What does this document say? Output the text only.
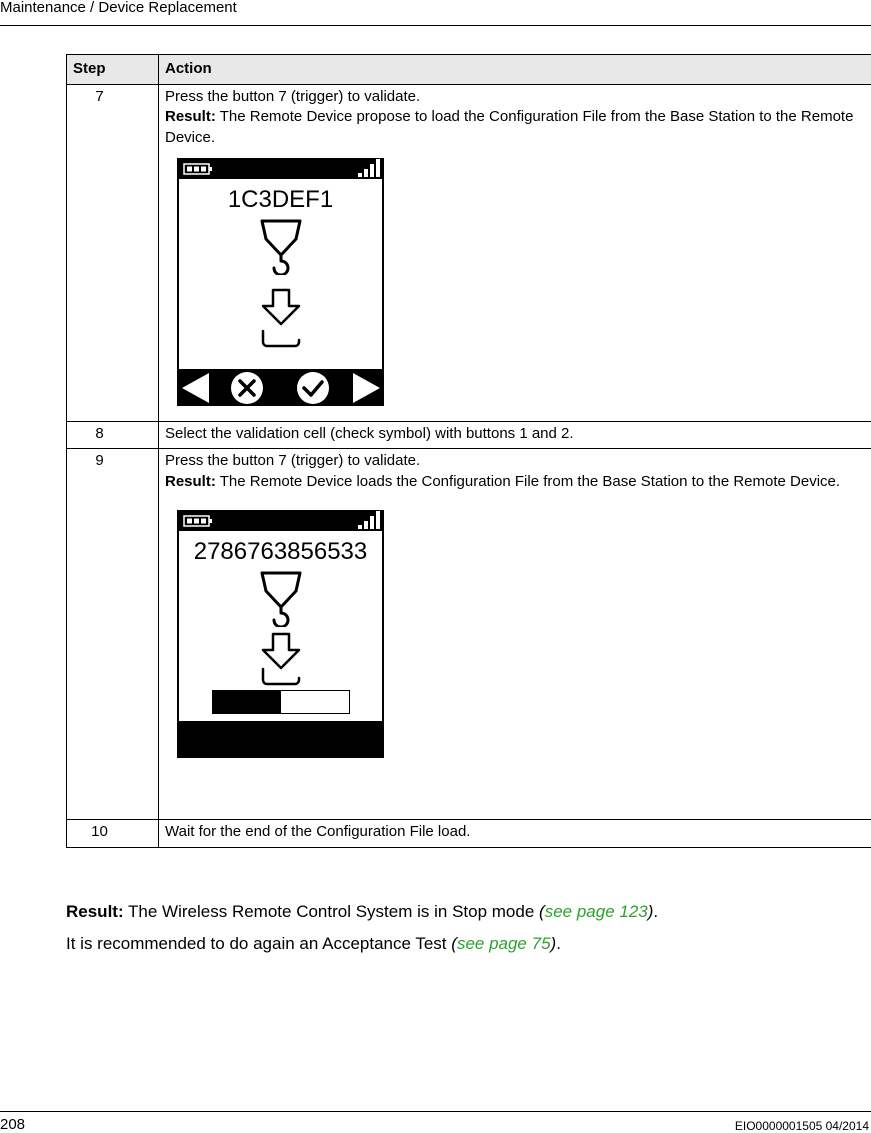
Maintenance / Device Replacement
Step	Action
7	Press the button 7 (trigger) to validate.
Result: The Remote Device propose to load the Configuration File from the Base Station to the Remote Device.
1C3DEF1

8	Select the validation cell (check symbol) with buttons 1 and 2.

9	Press the button 7 (trigger) to validate.
Result: The Remote Device loads the Configuration File from the Base Station to the Remote Device.
2786763856533

10	Wait for the end of the Configuration File load.
Result: The Wireless Remote Control System is in Stop mode (see page 123).
It is recommended to do again an Acceptance Test (see page 75).
208	EIO0000001505 04/2014
